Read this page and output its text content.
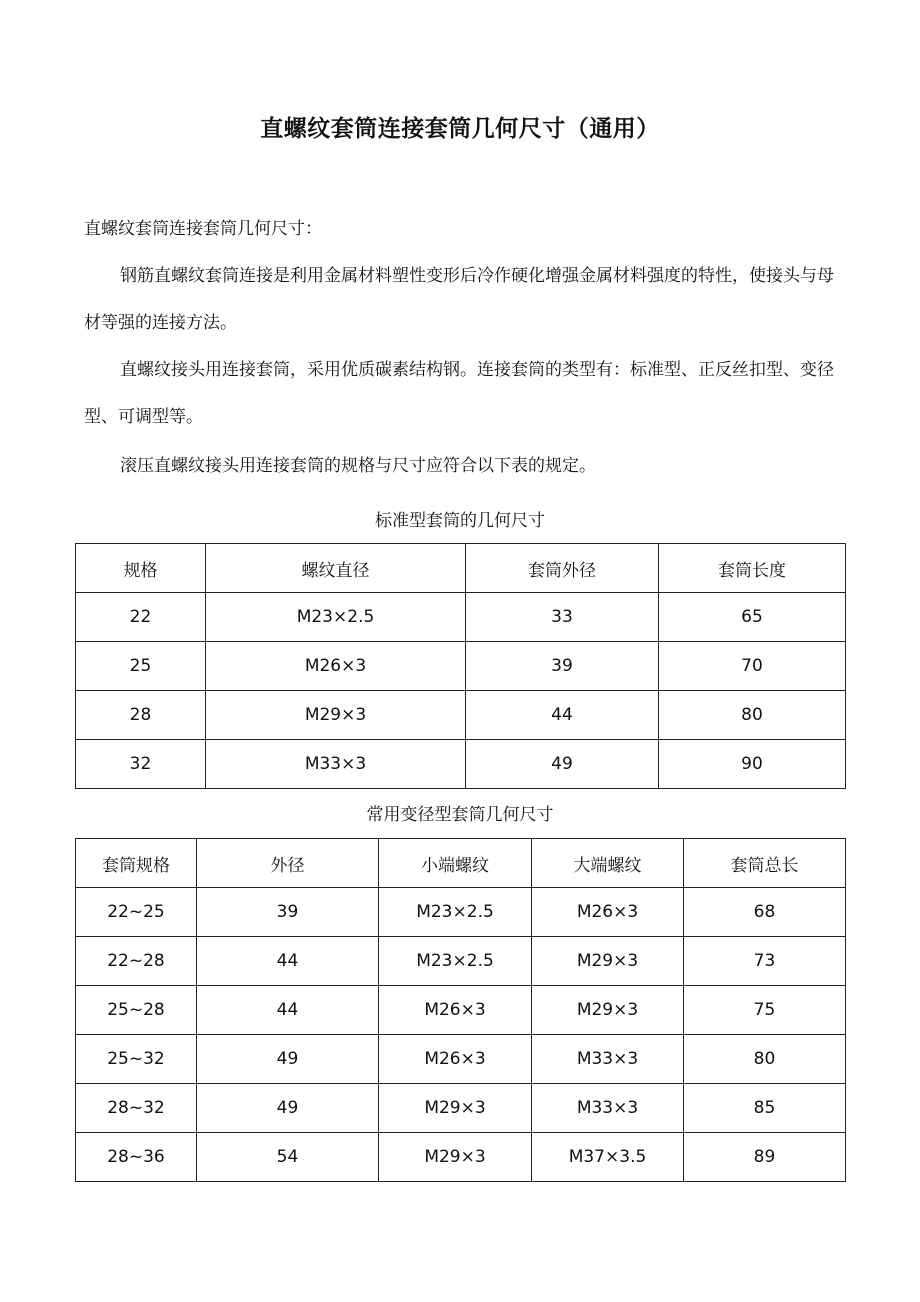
直螺纹套筒连接套筒几何尺寸（通用）

直螺纹套筒连接套筒几何尺寸：

钢筋直螺纹套筒连接是利用金属材料塑性变形后冷作硬化增强金属材料强度的特性，使接头与母材等强的连接方法。

直螺纹接头用连接套筒，采用优质碳素结构钢。连接套筒的类型有：标准型、正反丝扣型、变径型、可调型等。

滚压直螺纹接头用连接套筒的规格与尺寸应符合以下表的规定。

标准型套筒的几何尺寸
规格	螺纹直径	套筒外径	套筒长度
22	M23×2.5	33	65
25	M26×3	39	70
28	M29×3	44	80
32	M33×3	49	90
常用变径型套筒几何尺寸
套筒规格	外径	小端螺纹	大端螺纹	套筒总长
22~25	39	M23×2.5	M26×3	68
22~28	44	M23×2.5	M29×3	73
25~28	44	M26×3	M29×3	75
25~32	49	M26×3	M33×3	80
28~32	49	M29×3	M33×3	85
28~36	54	M29×3	M37×3.5	89
